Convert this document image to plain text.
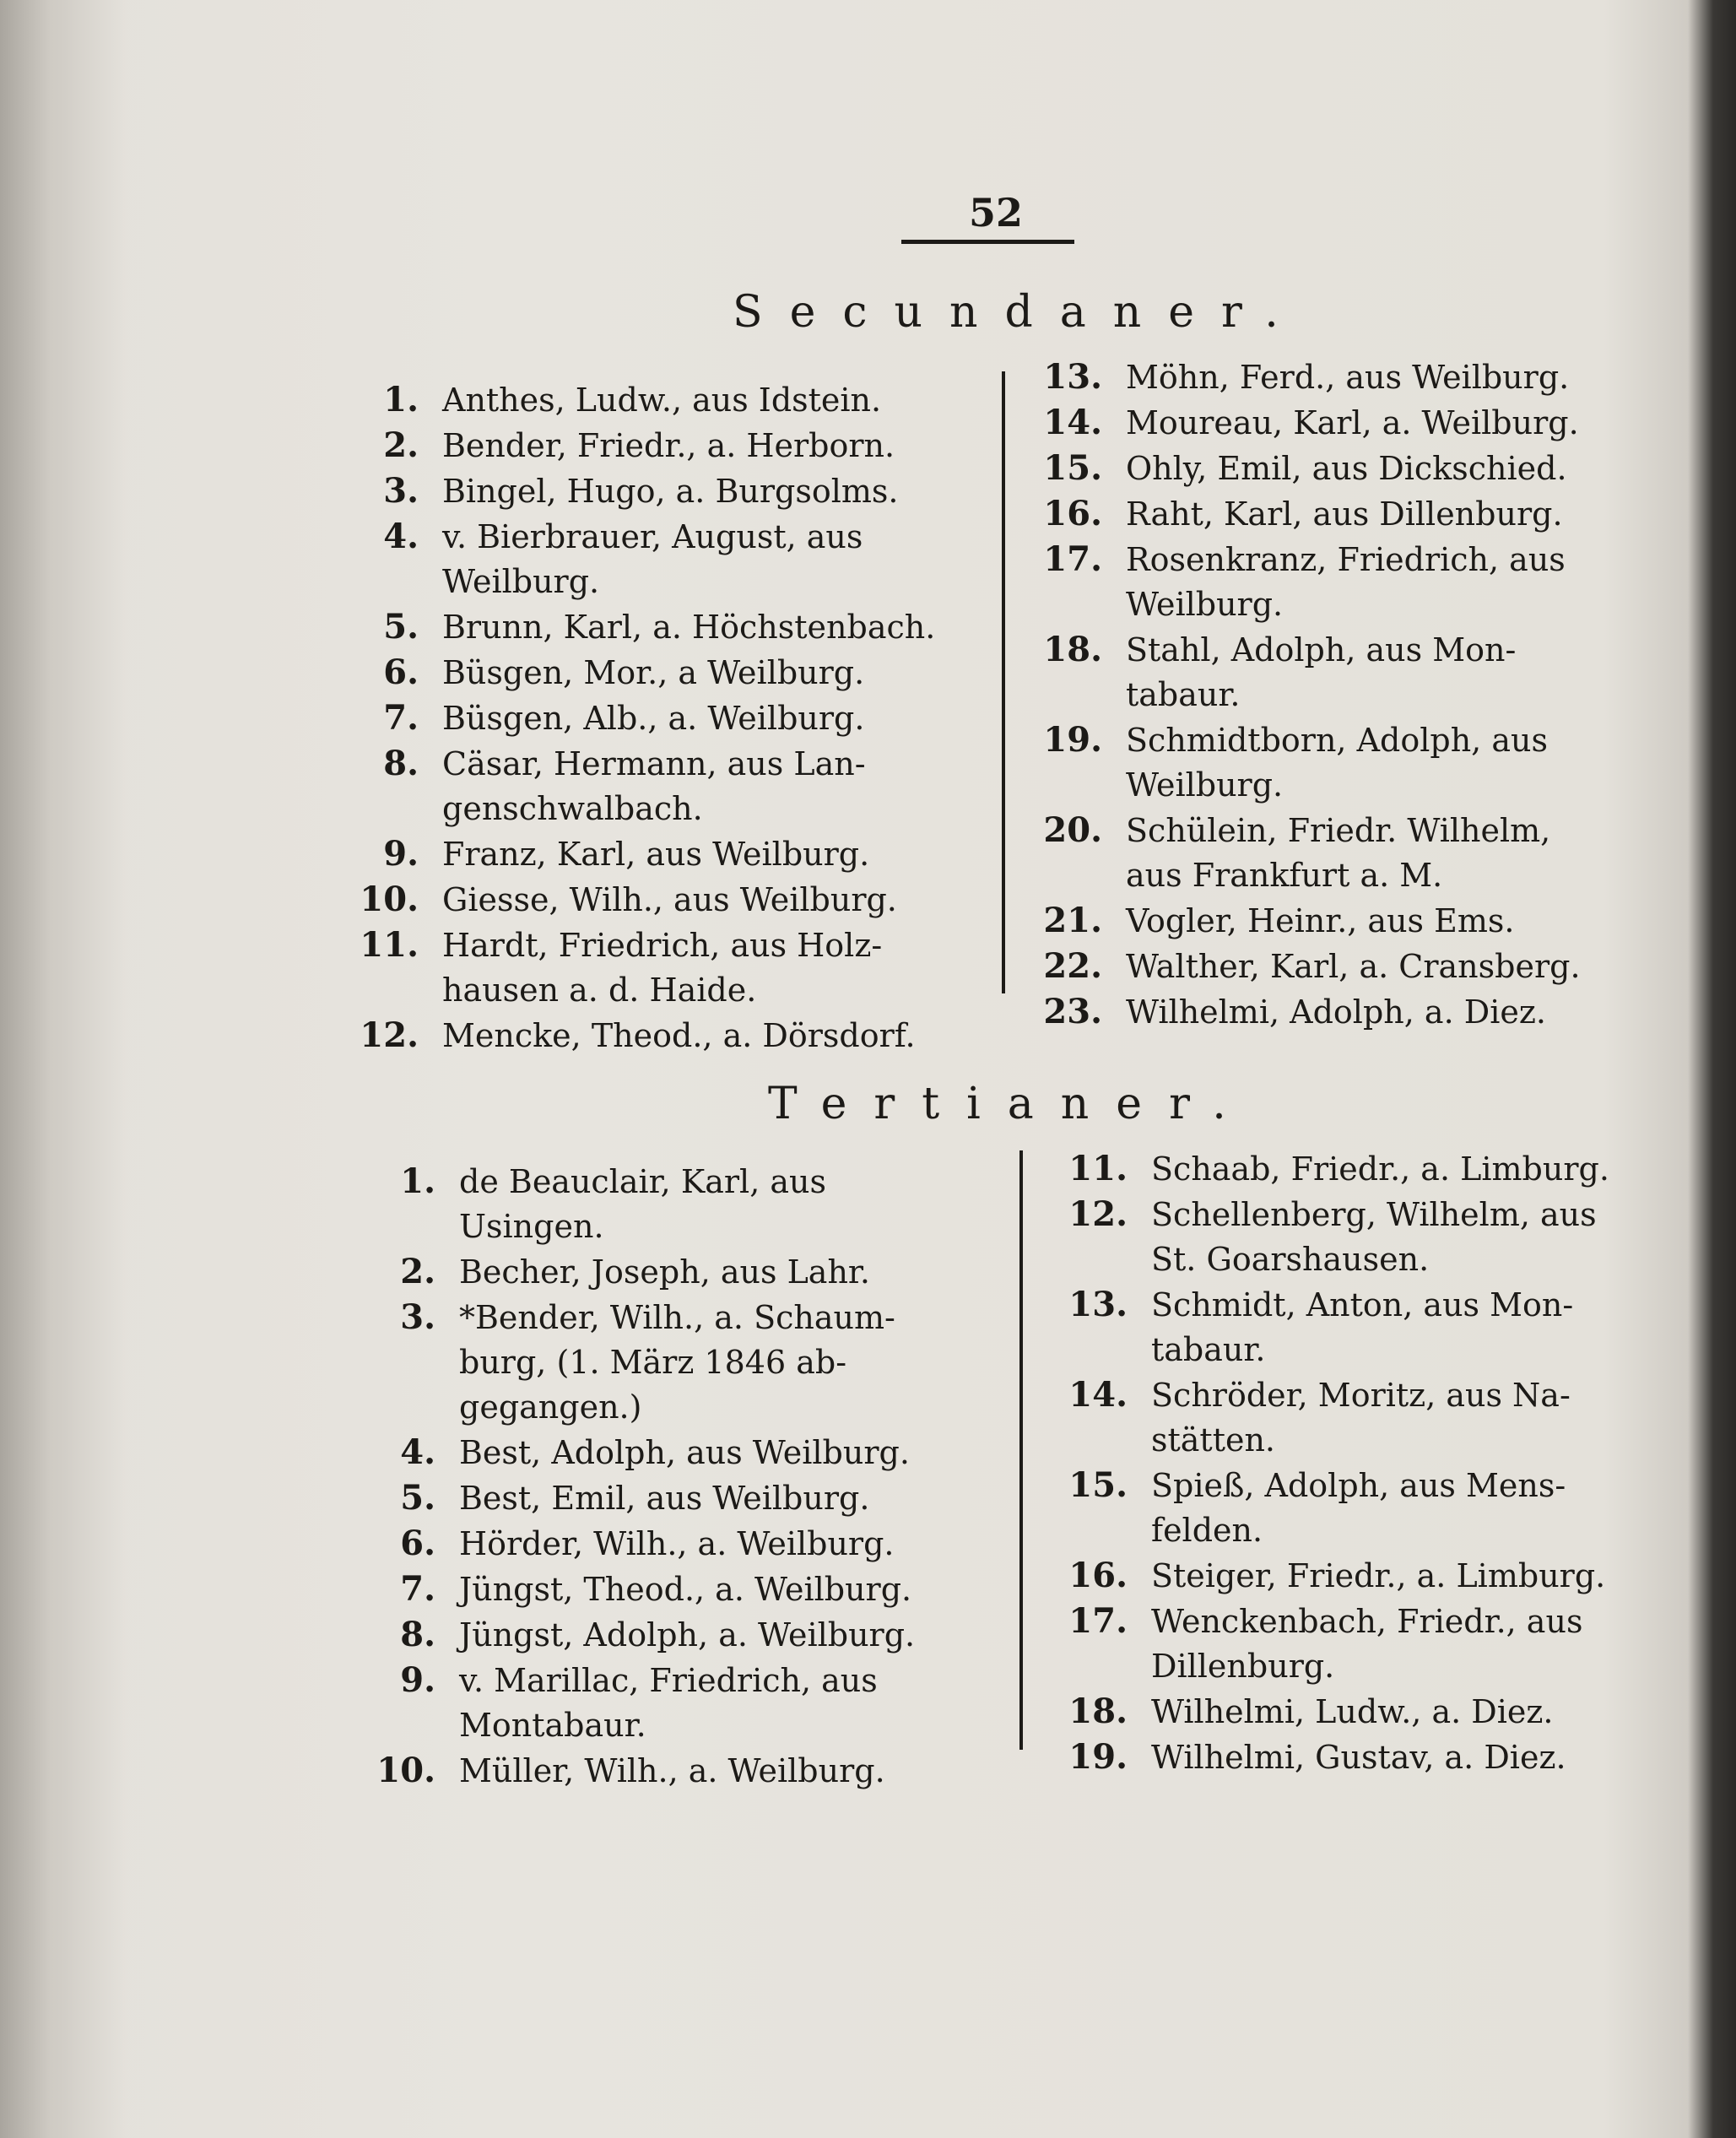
52
Secundaner.
1. Anthes, Ludw., aus Idstein.
2. Bender, Friedr., a. Herborn.
3. Bingel, Hugo, a. Burgsolms.
4. v. Bierbrauer, August, aus
Weilburg.
5. Brunn, Karl, a. Höchstenbach.
6. Büsgen, Mor., a Weilburg.
7. Büsgen, Alb., a. Weilburg.
8. Cäsar, Hermann, aus Lan-
genschwalbach.
9. Franz, Karl, aus Weilburg.
10. Giesse, Wilh., aus Weilburg.
11. Hardt, Friedrich, aus Holz-
hausen a. d. Haide.
12. Mencke, Theod., a. Dörsdorf.
13. Möhn, Ferd., aus Weilburg.
14. Moureau, Karl, a. Weilburg.
15. Ohly, Emil, aus Dickschied.
16. Raht, Karl, aus Dillenburg.
17. Rosenkranz, Friedrich, aus
Weilburg.
18. Stahl, Adolph, aus Mon-
tabaur.
19. Schmidtborn, Adolph, aus
Weilburg.
20. Schülein, Friedr. Wilhelm,
aus Frankfurt a. M.
21. Vogler, Heinr., aus Ems.
22. Walther, Karl, a. Cransberg.
23. Wilhelmi, Adolph, a. Diez.
Tertianer.
1. de Beauclair, Karl, aus
Usingen.
2. Becher, Joseph, aus Lahr.
3. *Bender, Wilh., a. Schaum-
burg, (1. März 1846 ab-
gegangen.)
4. Best, Adolph, aus Weilburg.
5. Best, Emil, aus Weilburg.
6. Hörder, Wilh., a. Weilburg.
7. Jüngst, Theod., a. Weilburg.
8. Jüngst, Adolph, a. Weilburg.
9. v. Marillac, Friedrich, aus
Montabaur.
10. Müller, Wilh., a. Weilburg.
11. Schaab, Friedr., a. Limburg.
12. Schellenberg, Wilhelm, aus
St. Goarshausen.
13. Schmidt, Anton, aus Mon-
tabaur.
14. Schröder, Moritz, aus Na-
stätten.
15. Spieß, Adolph, aus Mens-
felden.
16. Steiger, Friedr., a. Limburg.
17. Wenckenbach, Friedr., aus
Dillenburg.
18. Wilhelmi, Ludw., a. Diez.
19. Wilhelmi, Gustav, a. Diez.
